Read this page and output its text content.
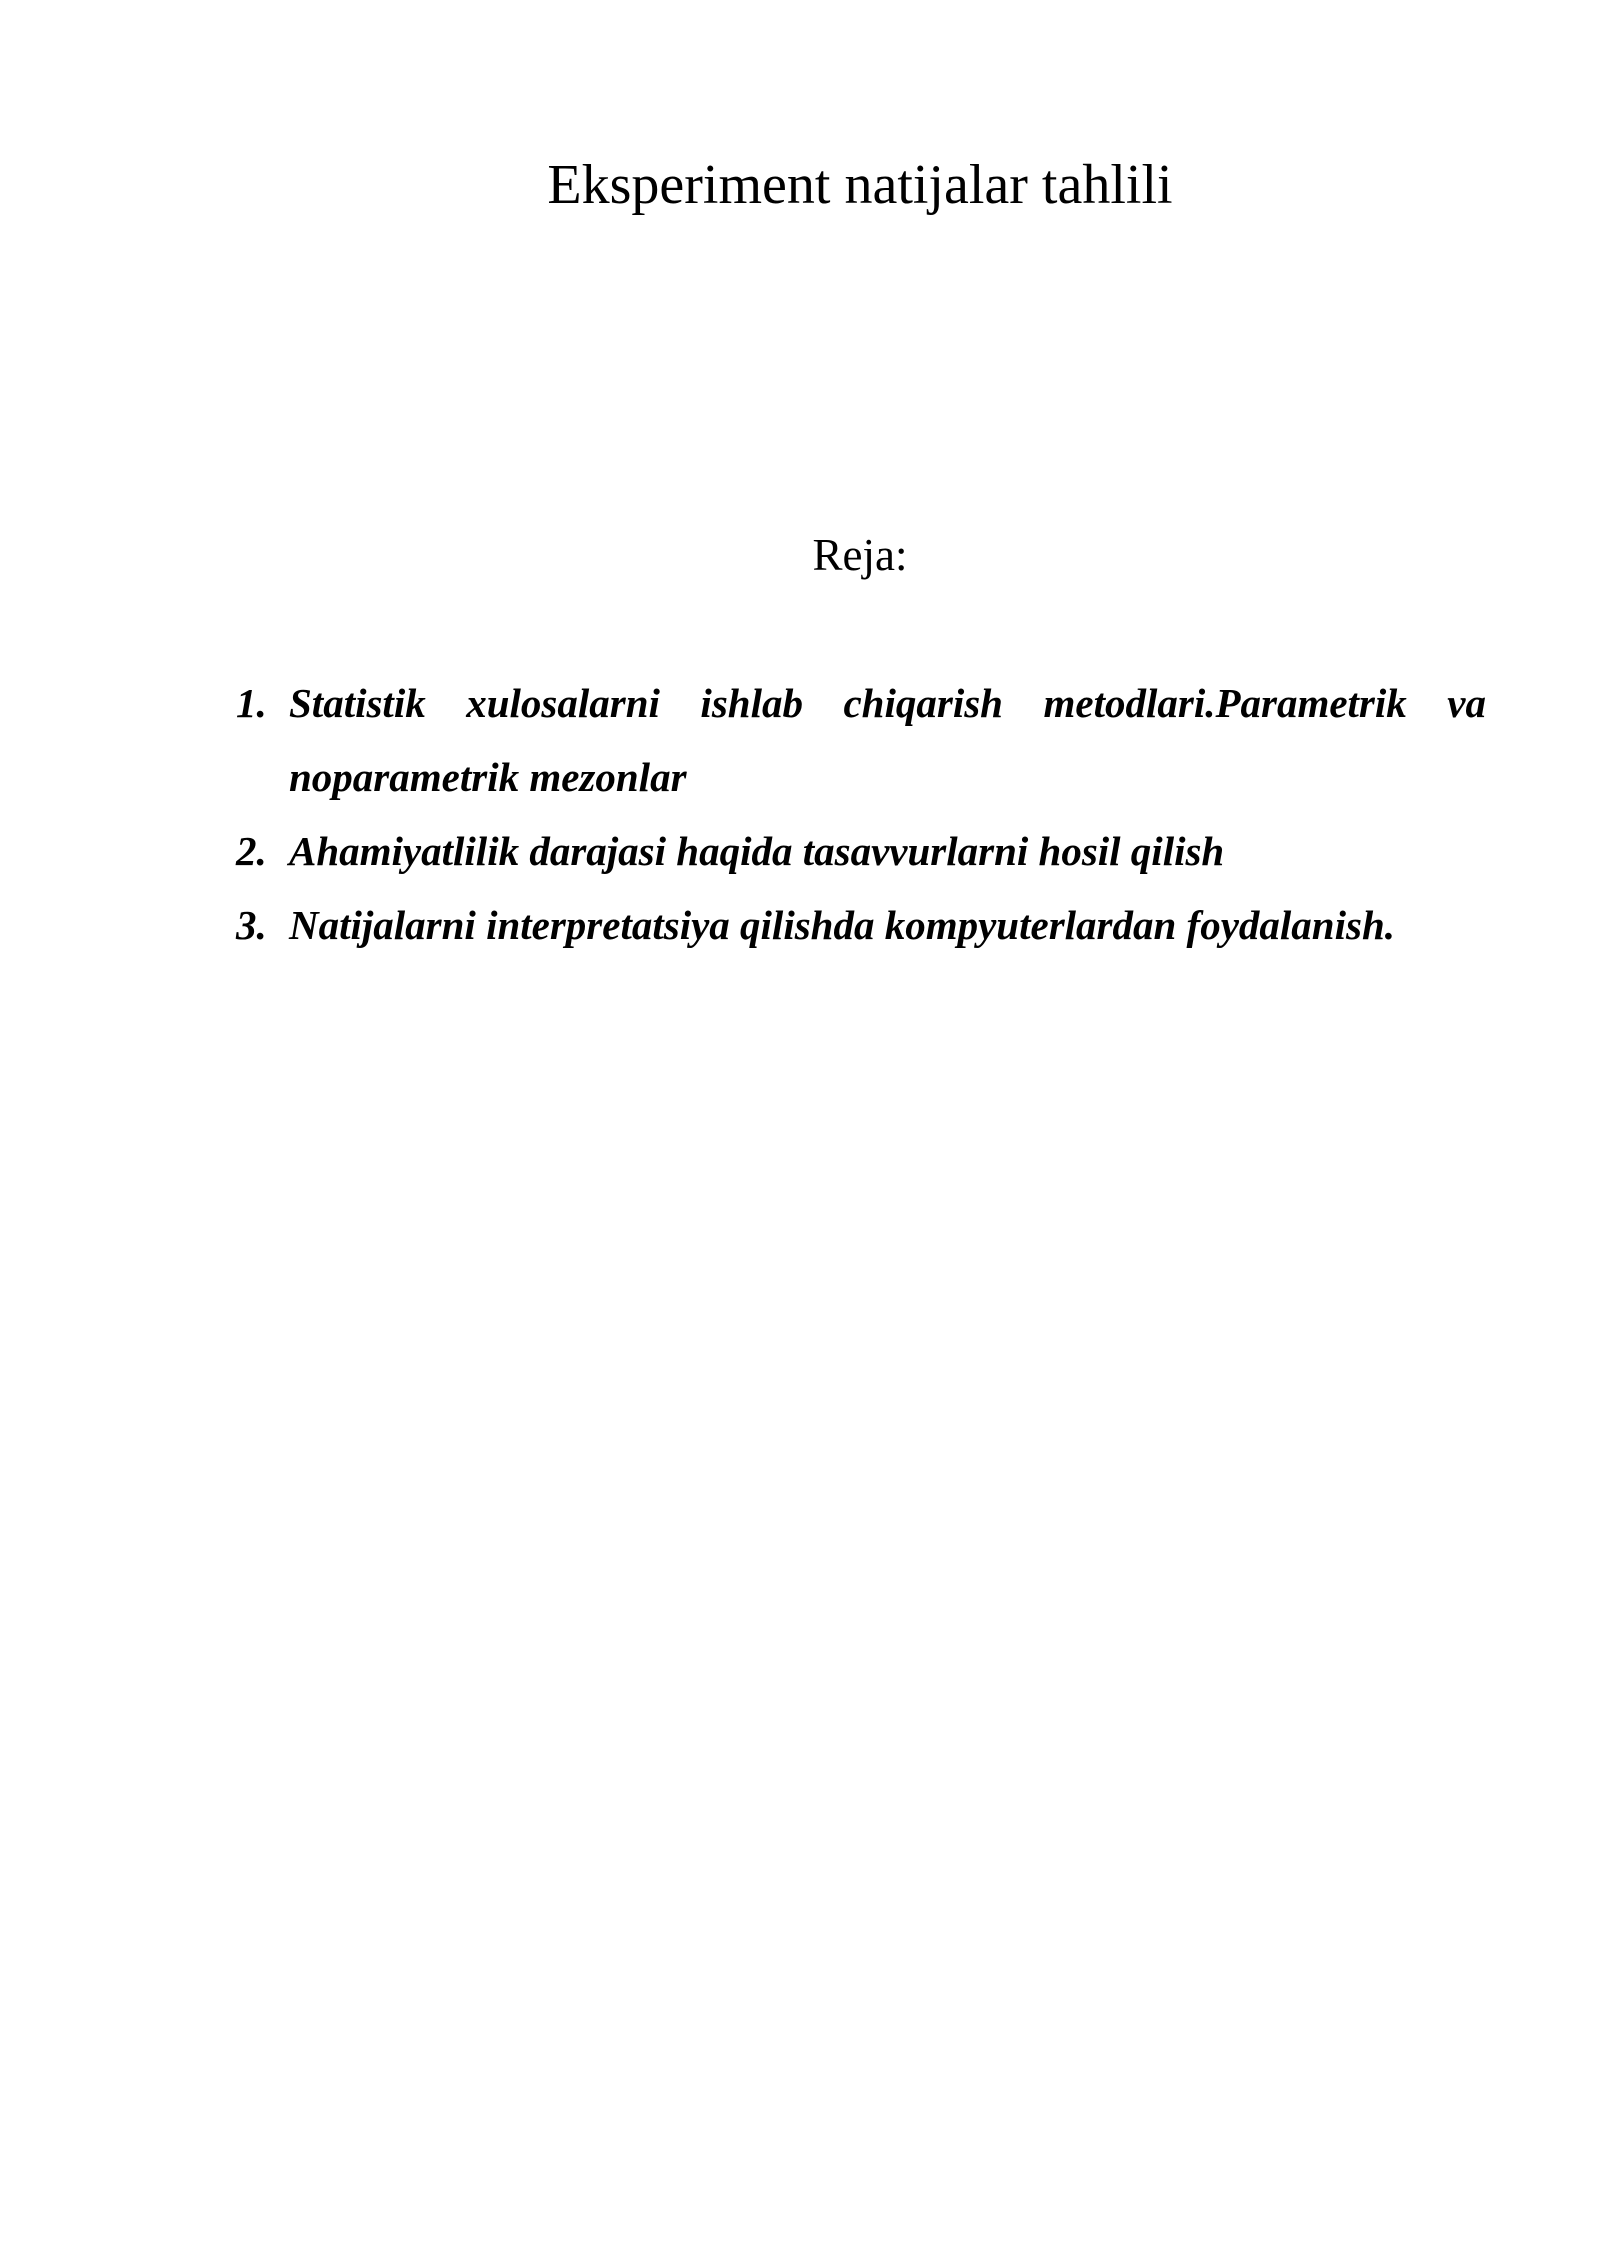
Eksperiment natijalar tahlili
Reja:
1. Statistik xulosalarni ishlab chiqarish metodlari.Parametrik va
noparametrik mezonlar
2. Ahamiyatlilik darajasi haqida tasavvurlarni hosil qilish
3. Natijalarni interpretatsiya qilishda kompyuterlardan foydalanish.
